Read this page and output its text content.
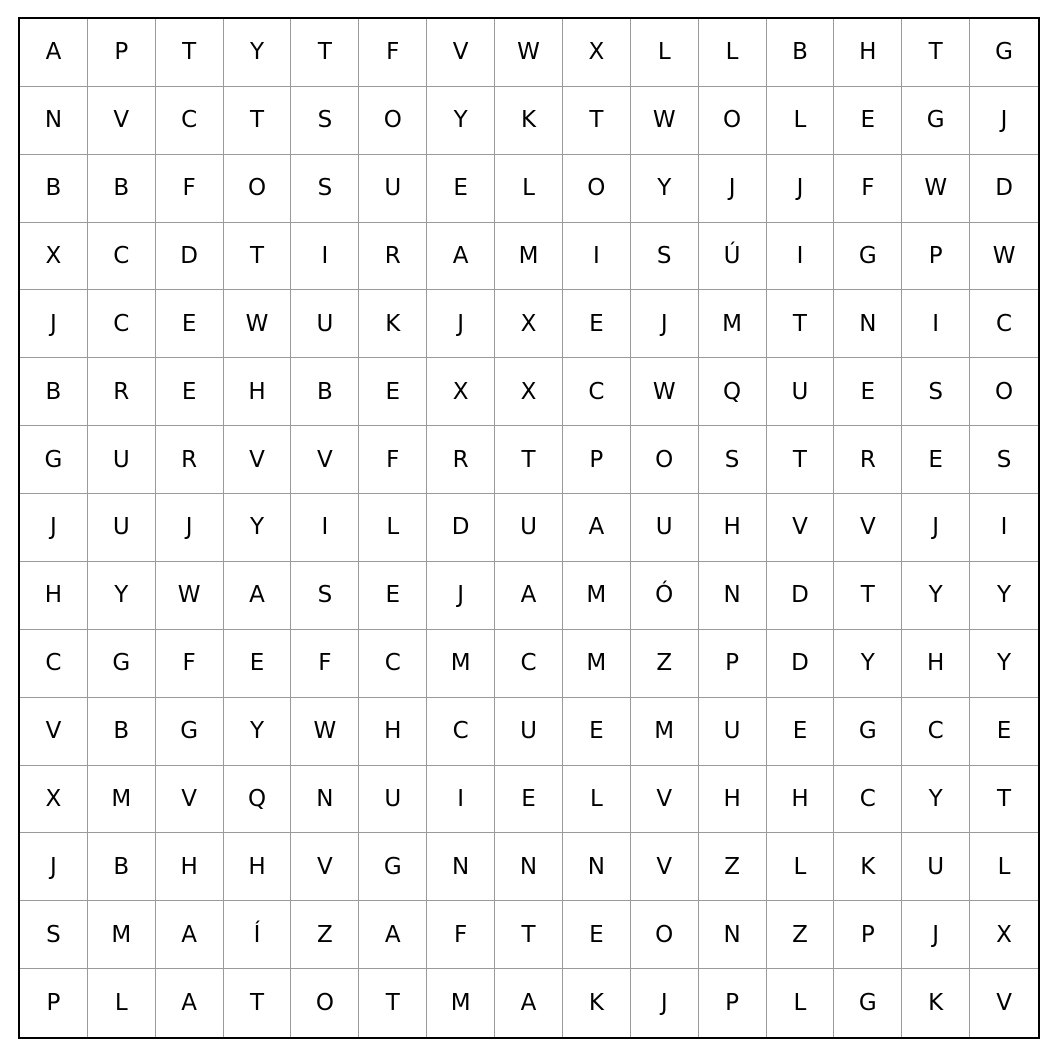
A	P	T	Y	T	F	V	W	X	L	L	B	H	T	G
N	V	C	T	S	O	Y	K	T	W	O	L	E	G	J
B	B	F	O	S	U	E	L	O	Y	J	J	F	W	D
X	C	D	T	I	R	A	M	I	S	Ú	I	G	P	W
J	C	E	W	U	K	J	X	E	J	M	T	N	I	C
B	R	E	H	B	E	X	X	C	W	Q	U	E	S	O
G	U	R	V	V	F	R	T	P	O	S	T	R	E	S
J	U	J	Y	I	L	D	U	A	U	H	V	V	J	I
H	Y	W	A	S	E	J	A	M	Ó	N	D	T	Y	Y
C	G	F	E	F	C	M	C	M	Z	P	D	Y	H	Y
V	B	G	Y	W	H	C	U	E	M	U	E	G	C	E
X	M	V	Q	N	U	I	E	L	V	H	H	C	Y	T
J	B	H	H	V	G	N	N	N	V	Z	L	K	U	L
S	M	A	Í	Z	A	F	T	E	O	N	Z	P	J	X
P	L	A	T	O	T	M	A	K	J	P	L	G	K	V
